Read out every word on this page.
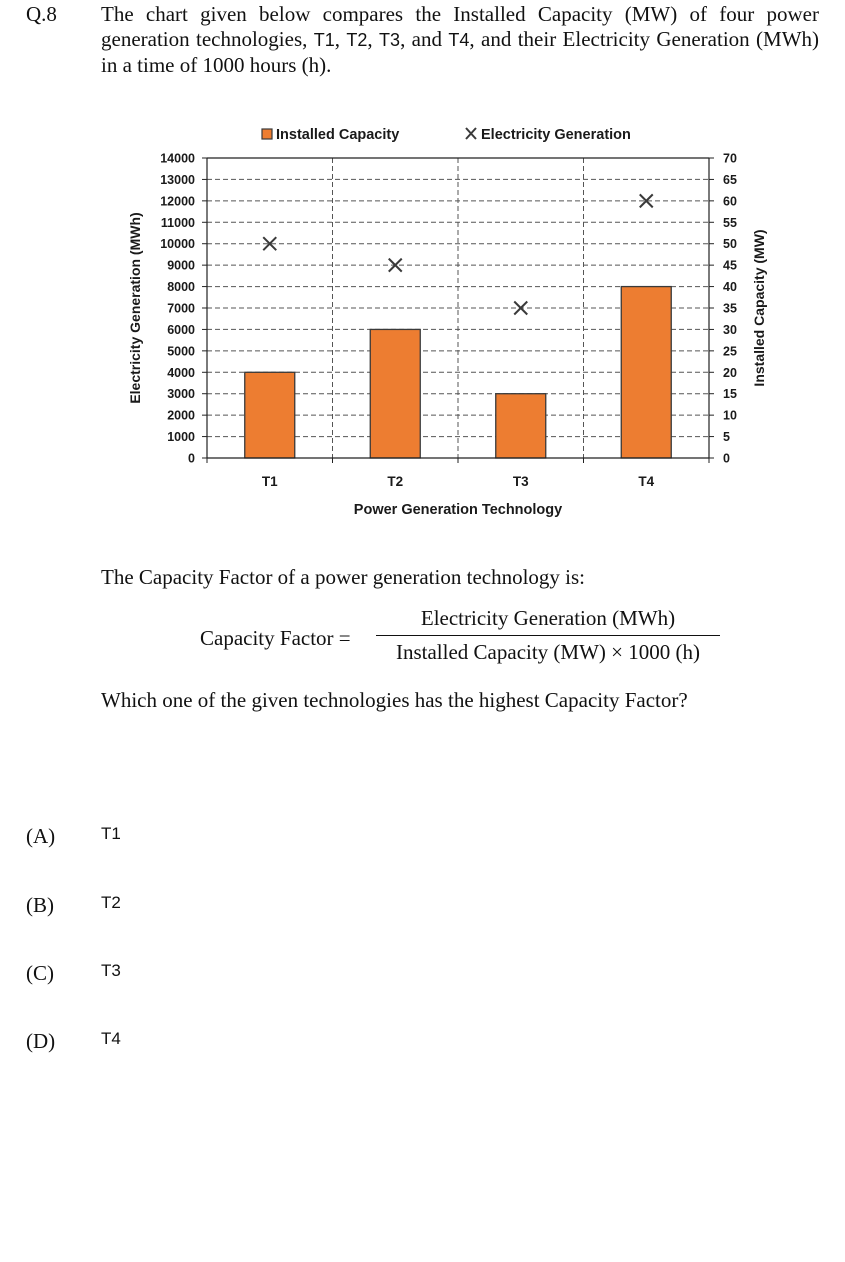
Q.8 The chart given below compares the Installed Capacity (MW) of four power generation technologies, T1, T2, T3, and T4, and their Electricity Generation (MWh) in a time of 1000 hours (h).
0
1000
2000
3000
4000
5000
6000
7000
8000
9000
10000
11000
12000
13000
14000
0
5
10
15
20
25
30
35
40
45
50
55
60
65
70
T1	T2	T3	T4
Installed Capacity	Electricity Generation
Power Generation Technology
Electricity Generation (MWh)	Installed Capacity (MW)
The Capacity Factor of a power generation technology is:
Capacity Factor =
Electricity Generation (MWh)
Installed Capacity (MW) × 1000 (h)
Which one of the given technologies has the highest Capacity Factor?
(A)	T1
(B)	T2
(C)	T3
(D)	T4
